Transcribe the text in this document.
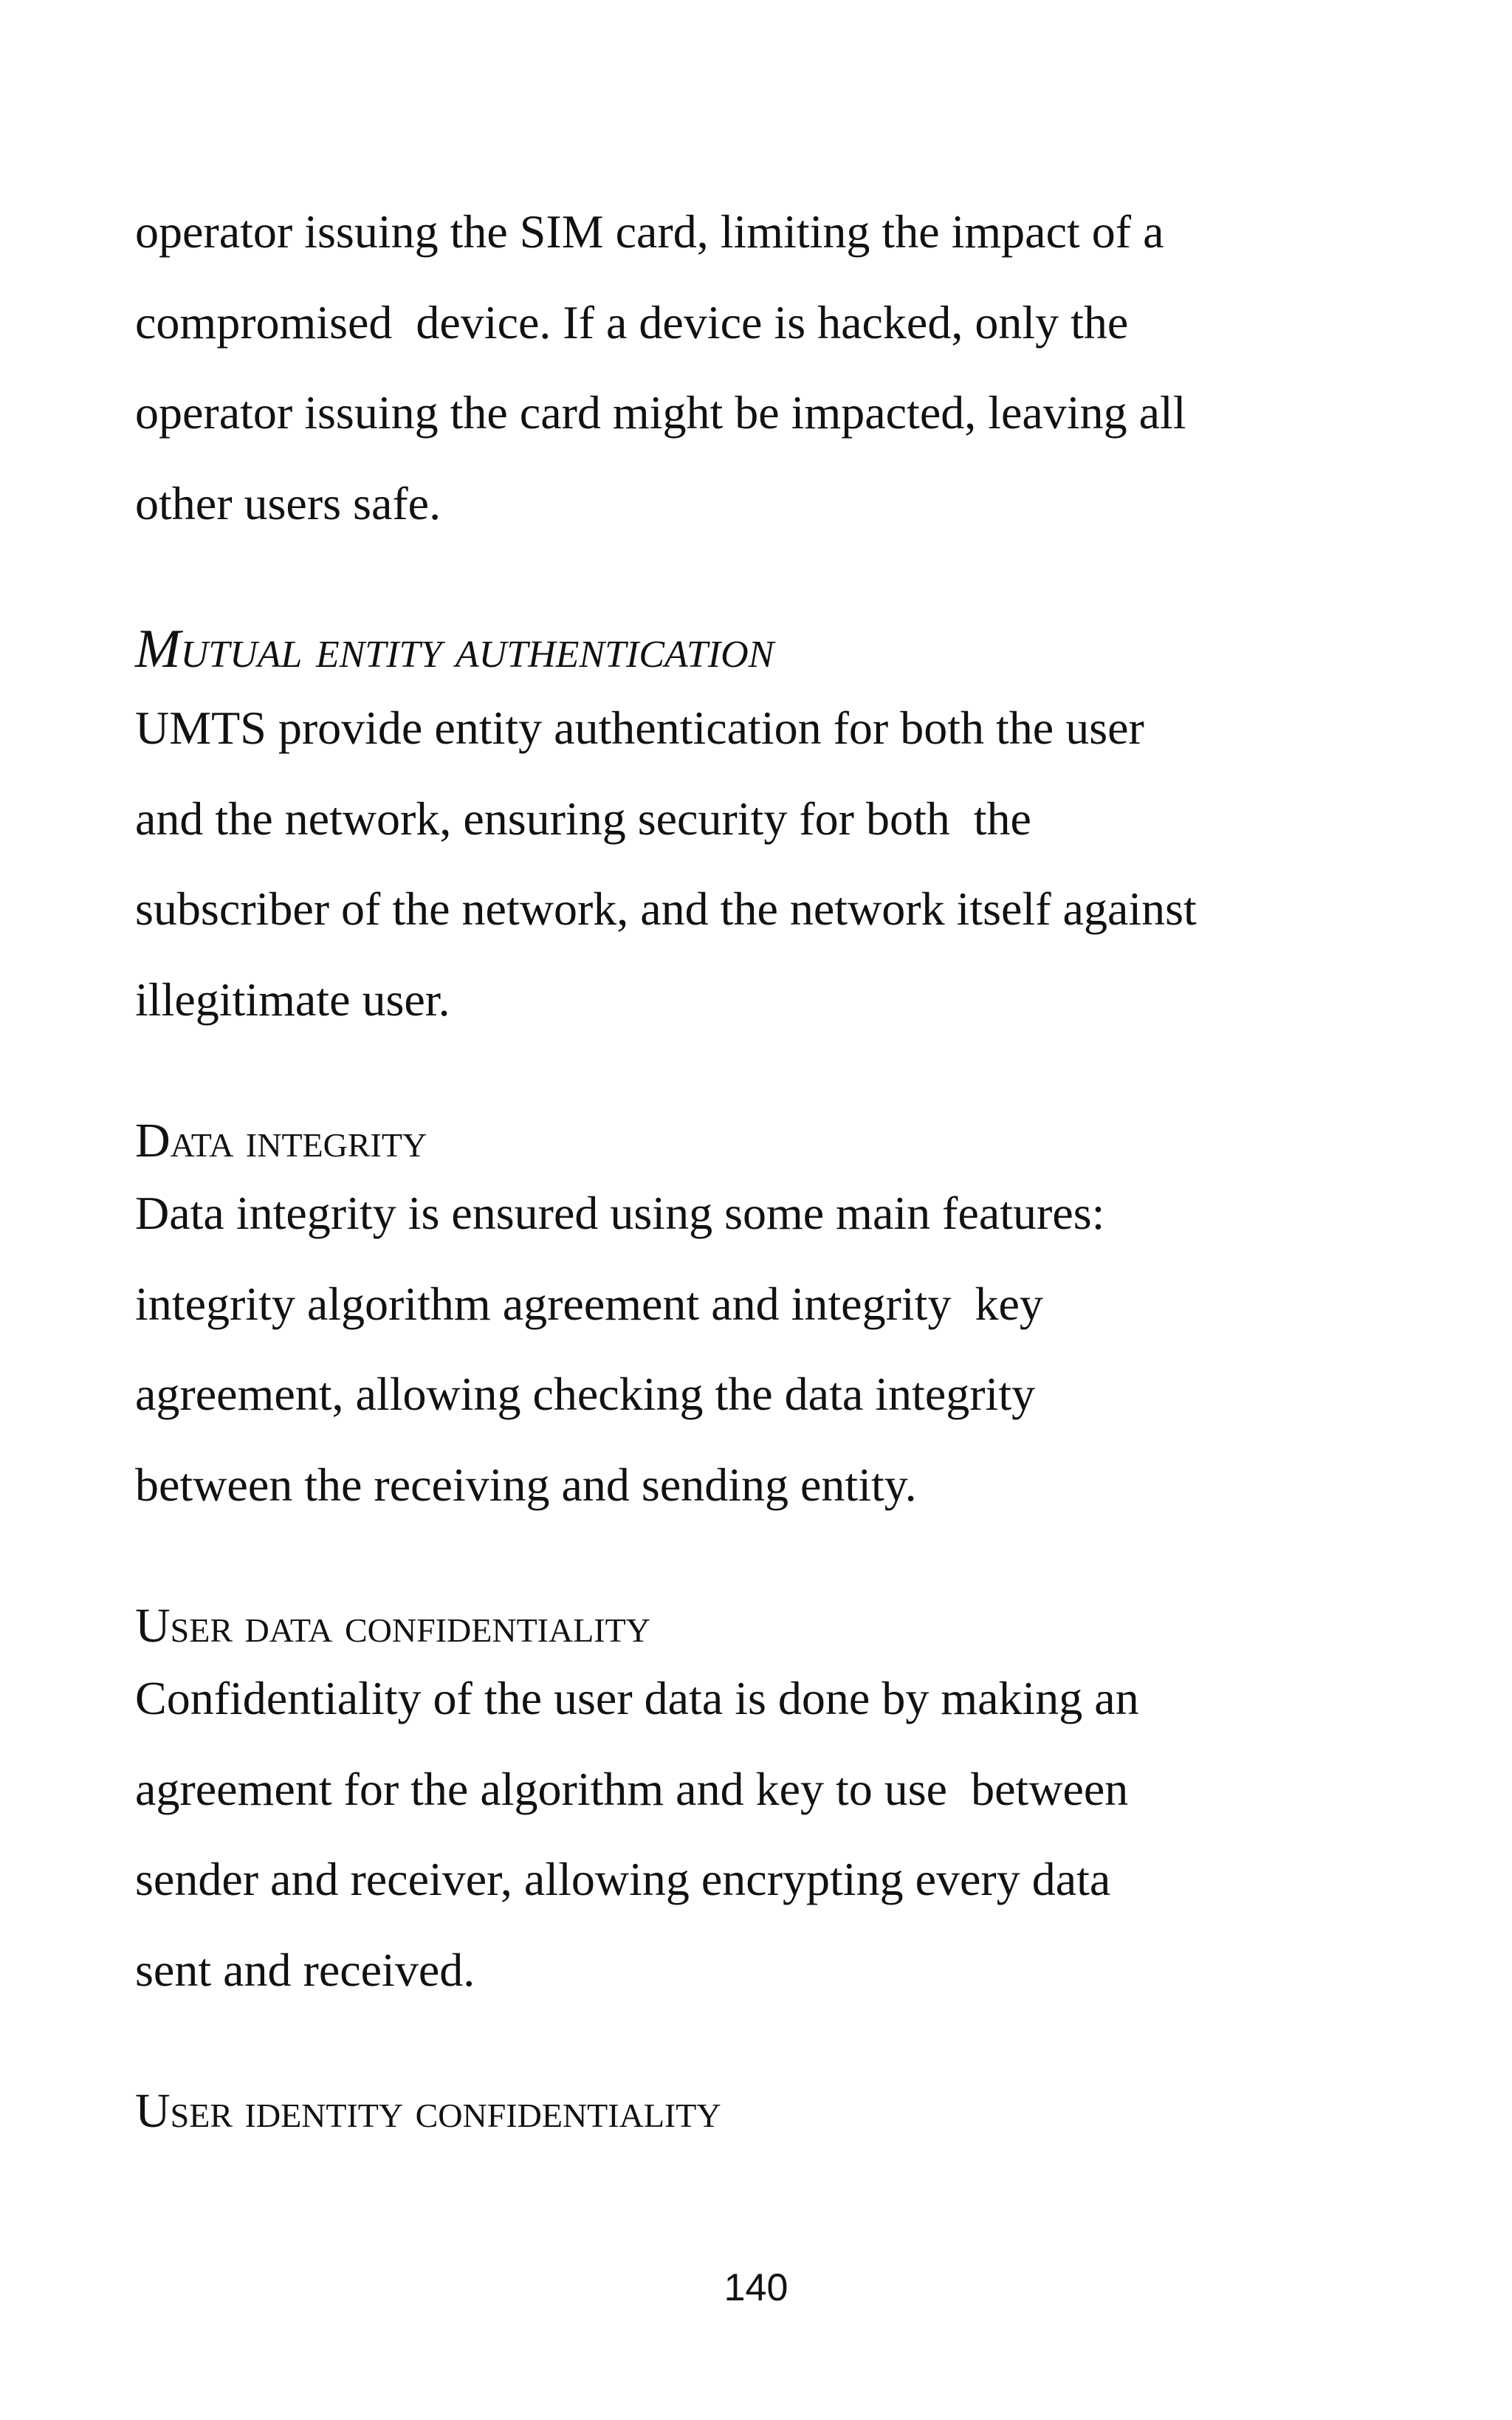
operator issuing the SIM card, limiting the impact of a
compromised  device. If a device is hacked, only the
operator issuing the card might be impacted, leaving all
other users safe.
Mutual entity authentication
UMTS provide entity authentication for both the user
and the network, ensuring security for both  the
subscriber of the network, and the network itself against
illegitimate user.
Data integrity
Data integrity is ensured using some main features:
integrity algorithm agreement and integrity  key
agreement, allowing checking the data integrity
between the receiving and sending entity.
User data confidentiality
Confidentiality of the user data is done by making an
agreement for the algorithm and key to use  between
sender and receiver, allowing encrypting every data
sent and received.
User identity confidentiality
140
